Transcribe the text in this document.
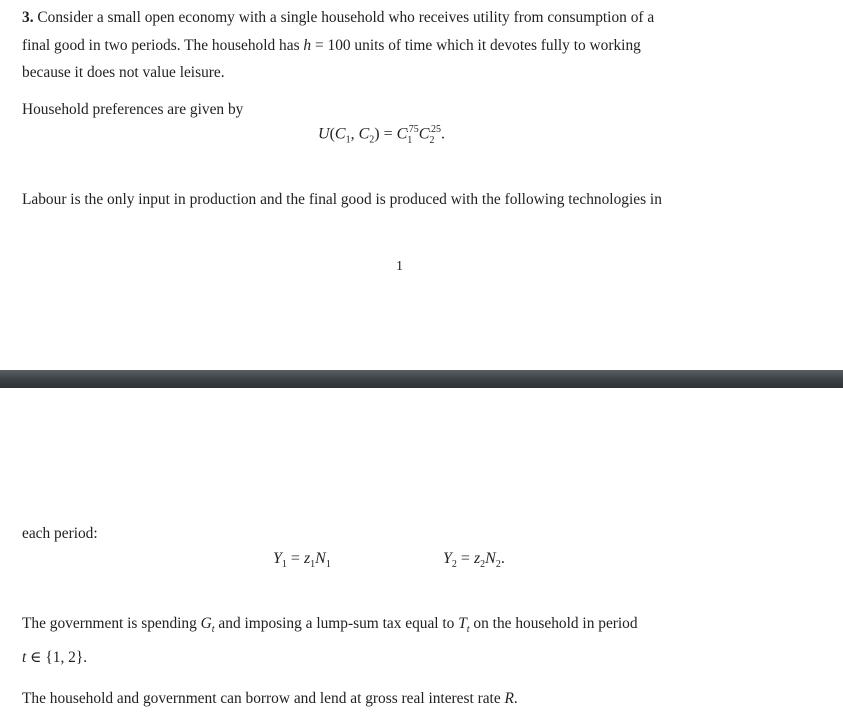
3. Consider a small open economy with a single household who receives utility from consumption of a
final good in two periods. The household has h = 100 units of time which it devotes fully to working
because it does not value leisure.

Household preferences are given by

$U(C_1$, $C_2) = C_1^{.75}C_2^{.25}$.

Labour is the only input in production and the final good is produced with the following technologies in

1

each period:

$Y_1 = z_1N_1$	$Y_2 = z_2N_2$.

The government is spending $G_t$ and imposing a lump-sum tax equal to $T_t$ on the household in period
t ∈ {1, 2}.

The household and government can borrow and lend at gross real interest rate R.
